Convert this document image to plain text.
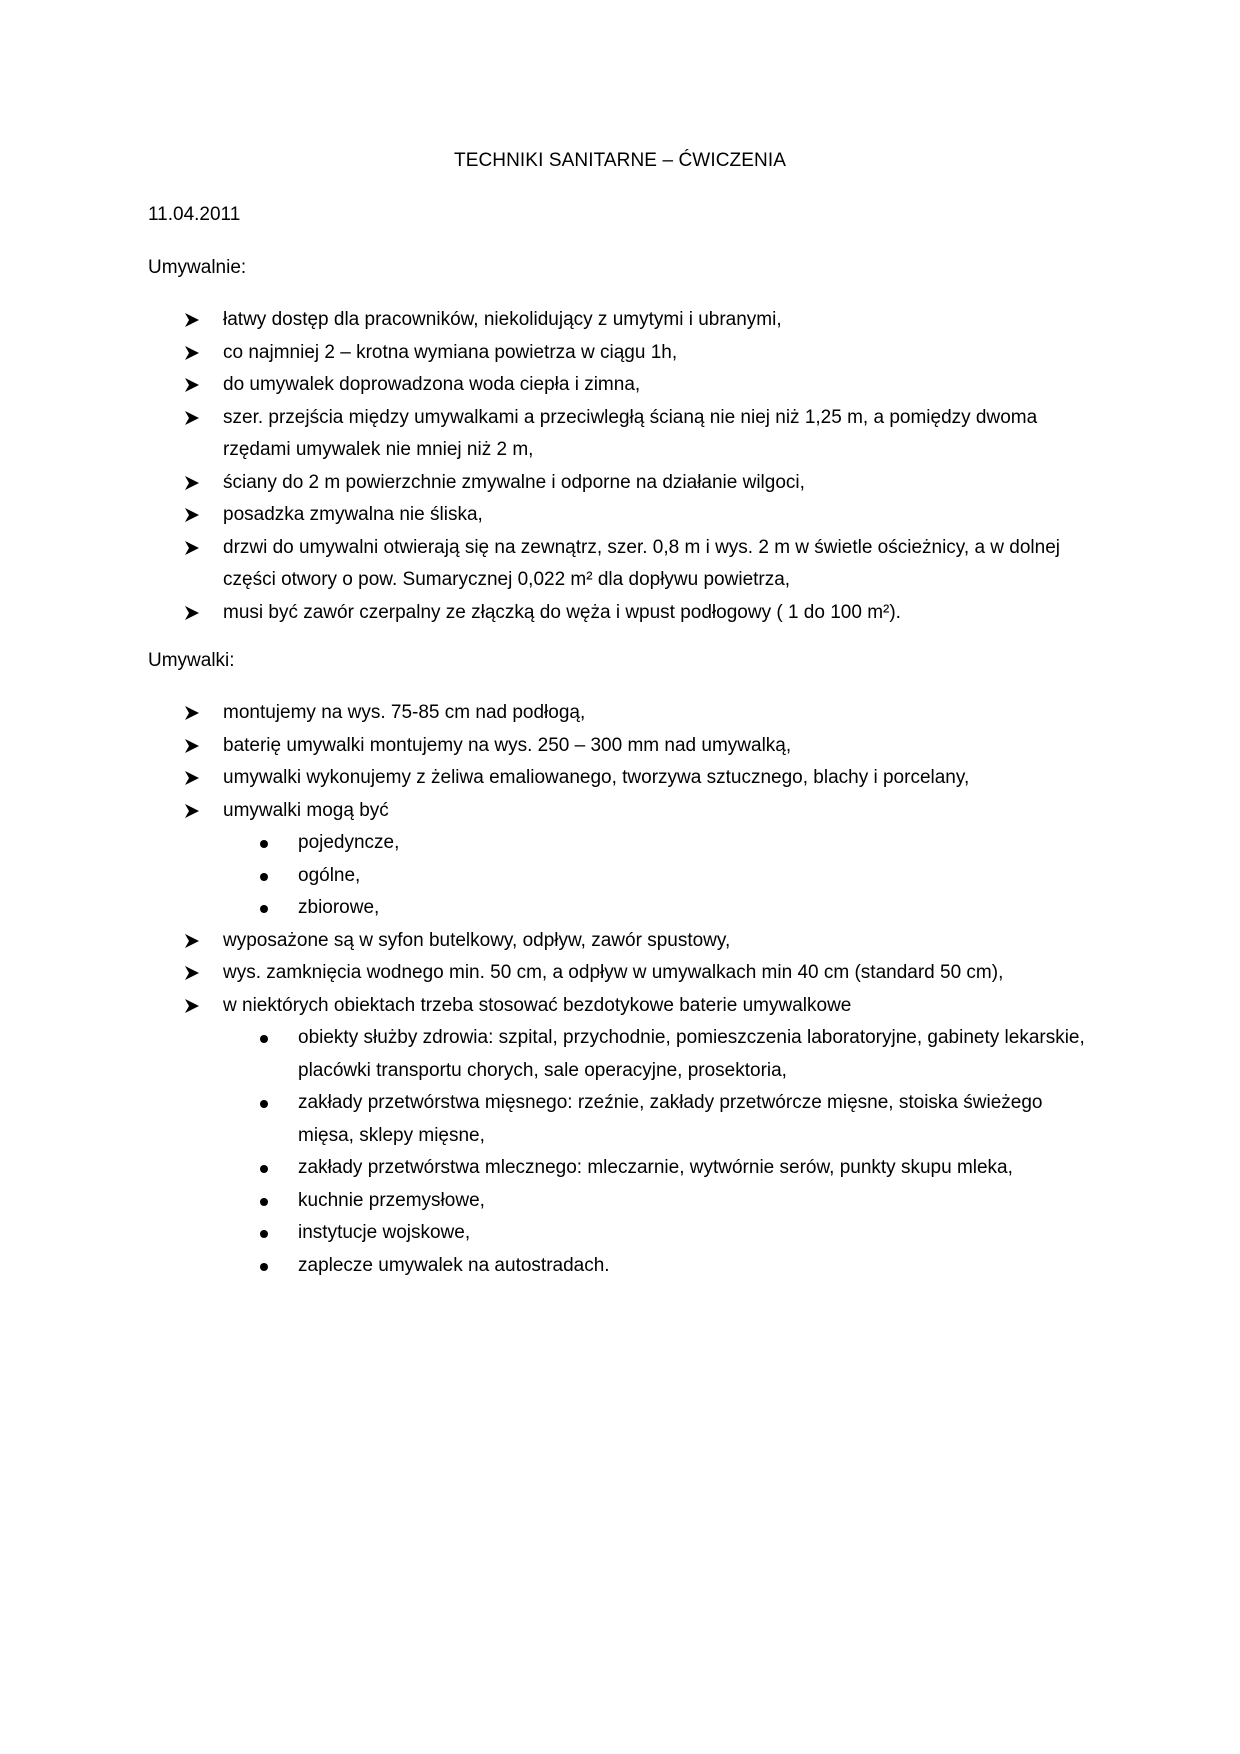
TECHNIKI SANITARNE – ĆWICZENIA
11.04.2011
Umywalnie:
łatwy dostęp dla pracowników, niekolidujący z umytymi i ubranymi,
co najmniej 2 – krotna wymiana powietrza w ciągu 1h,
do umywalek doprowadzona woda ciepła i zimna,
szer. przejścia między umywalkami a przeciwległą ścianą nie niej niż 1,25 m, a pomiędzy dwoma rzędami umywalek nie mniej niż 2 m,
ściany do 2 m powierzchnie zmywalne i odporne na działanie wilgoci,
posadzka zmywalna nie śliska,
drzwi do umywalni otwierają się na zewnątrz, szer. 0,8 m i wys. 2 m w świetle ościeżnicy, a w dolnej części otwory o pow. Sumarycznej 0,022 m² dla dopływu powietrza,
musi być zawór czerpalny ze złączką do węża i wpust podłogowy ( 1 do 100 m²).
Umywalki:
montujemy na wys. 75-85 cm nad podłogą,
baterię umywalki montujemy na wys. 250 – 300 mm nad umywalką,
umywalki wykonujemy z żeliwa emaliowanego, tworzywa sztucznego, blachy i porcelany,
umywalki mogą być
pojedyncze,
ogólne,
zbiorowe,
wyposażone są w syfon butelkowy, odpływ, zawór spustowy,
wys. zamknięcia wodnego min. 50 cm, a odpływ w umywalkach min 40 cm (standard 50 cm),
w niektórych obiektach trzeba stosować bezdotykowe baterie umywalkowe
obiekty służby zdrowia: szpital, przychodnie, pomieszczenia laboratoryjne, gabinety lekarskie, placówki transportu chorych, sale operacyjne, prosektoria,
zakłady przetwórstwa mięsnego: rzeźnie, zakłady przetwórcze mięsne, stoiska świeżego mięsa, sklepy mięsne,
zakłady przetwórstwa mlecznego: mleczarnie, wytwórnie serów, punkty skupu mleka,
kuchnie przemysłowe,
instytucje wojskowe,
zaplecze umywalek na autostradach.
